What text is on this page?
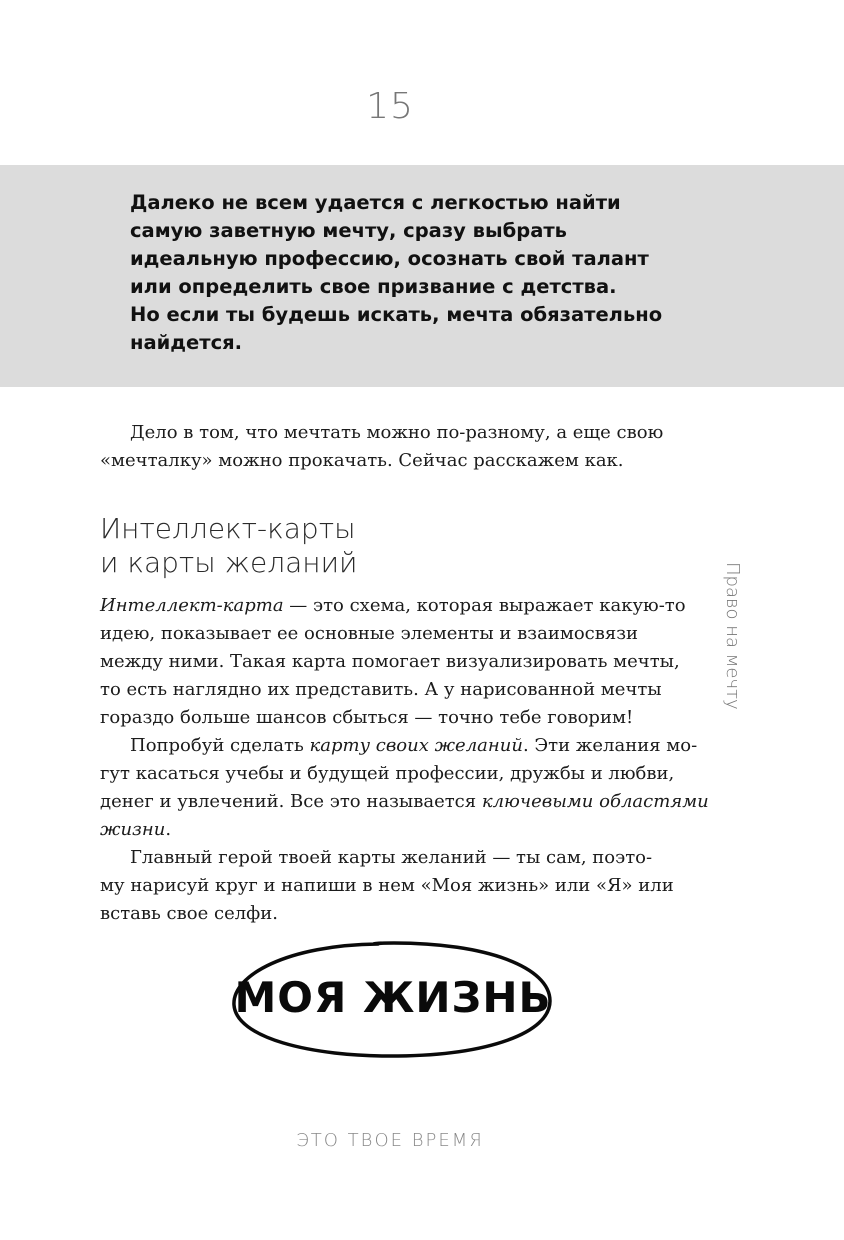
15
Далеко не всем удается с легкостью найти
самую заветную мечту, сразу выбрать
идеальную профессию, осознать свой талант
или определить свое призвание с детства.
Но если ты будешь искать, мечта обязательно
найдется.
Дело в том, что мечтать можно по-разному, а еще свою
«мечталку» можно прокачать. Сейчас расскажем как.
Интеллект-карты
и карты желаний	Право на мечту
Интеллект-карта — это схема, которая выражает какую-то
идею, показывает ее основные элементы и взаимосвязи
между ними. Такая карта помогает визуализировать мечты,
то есть наглядно их представить. А у нарисованной мечты
гораздо больше шансов сбыться — точно тебе говорим!
Попробуй сделать карту своих желаний. Эти желания мо-
гут касаться учебы и будущей профессии, дружбы и любви,
денег и увлечений. Все это называется ключевыми областями
жизни.
Главный герой твоей карты желаний — ты сам, поэто-
му нарисуй круг и напиши в нем «Моя жизнь» или «Я» или
вставь свое селфи.
МОЯ ЖИЗНЬ
ЭТО ТВОЕ ВРЕМЯ
